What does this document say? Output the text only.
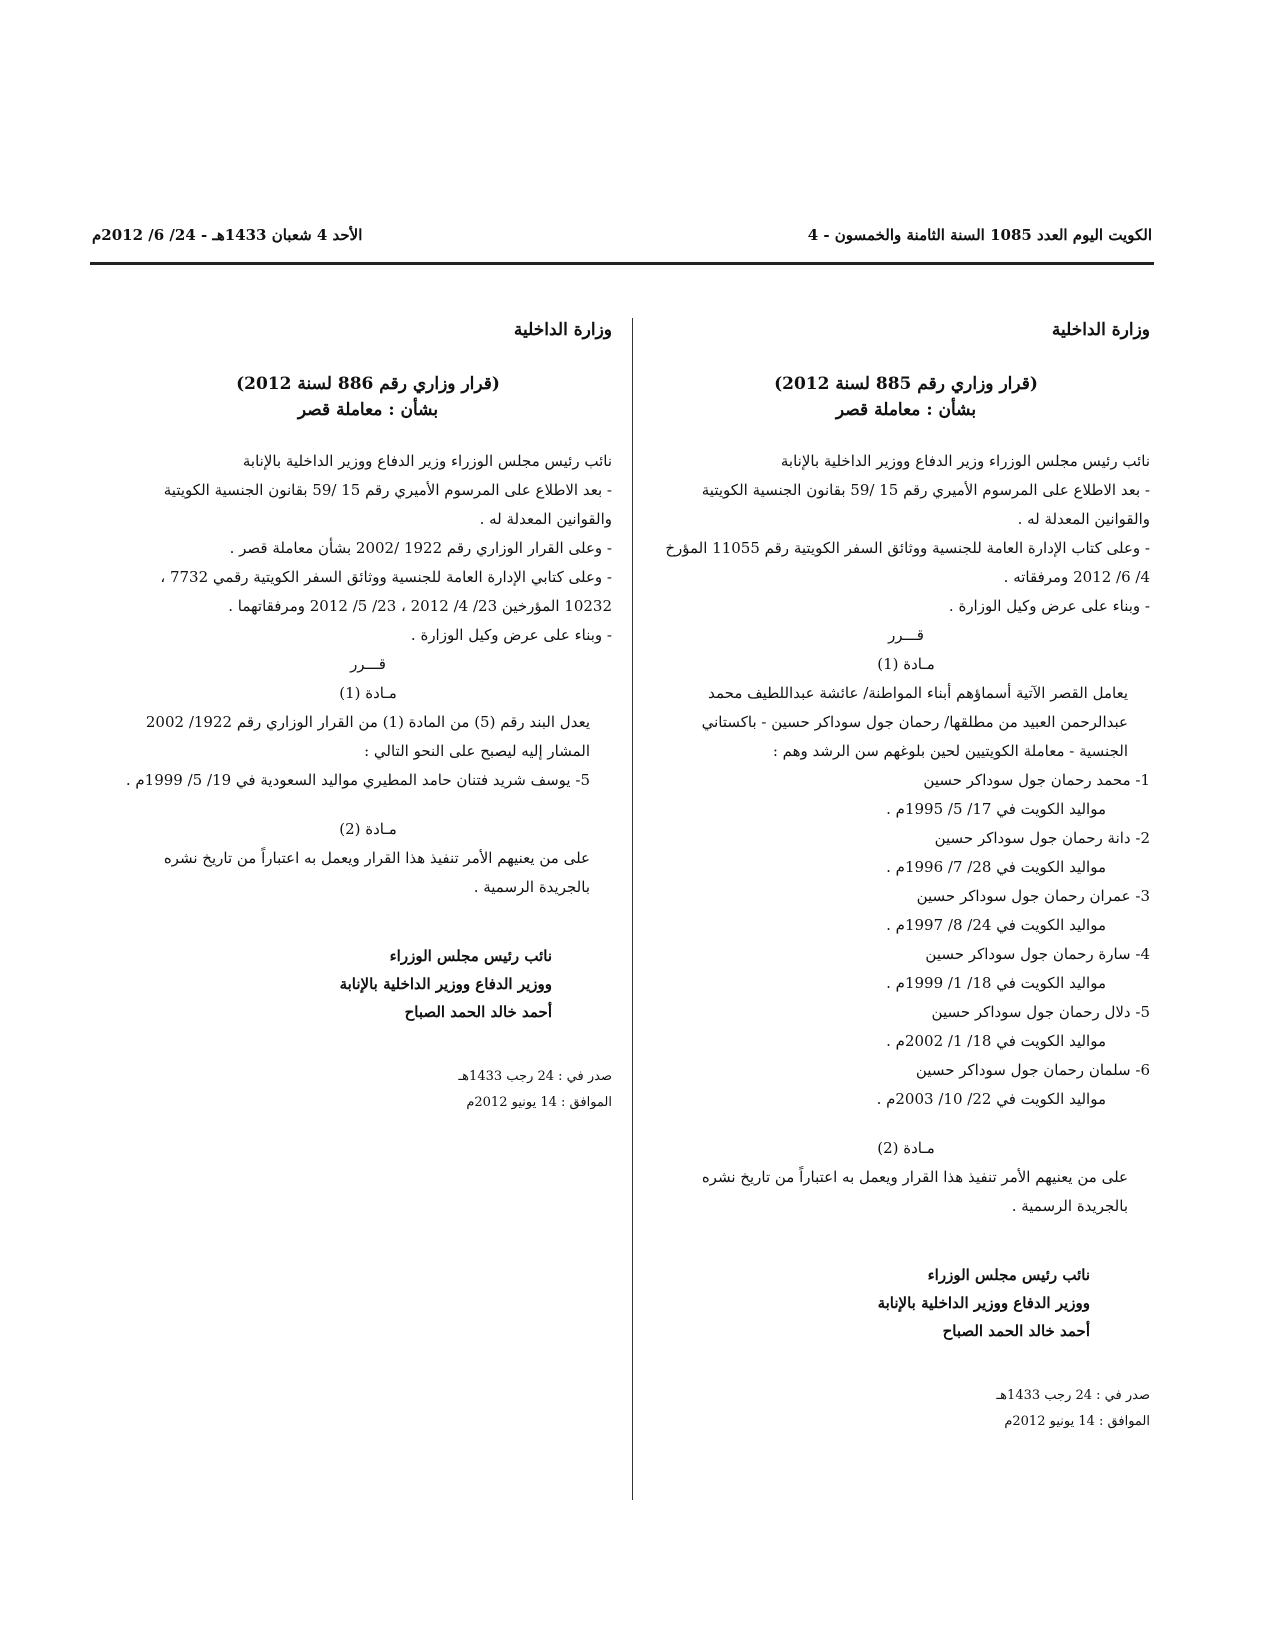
الكويت اليوم العدد 1085 السنة الثامنة والخمسون - 4
الأحد 4 شعبان 1433هـ - 24/ 6/ 2012م
وزارة الداخلية
(قرار وزاري رقم 885 لسنة 2012)
بشأن : معاملة قصر

نائب رئيس مجلس الوزراء وزير الدفاع ووزير الداخلية بالإنابة

- بعد الاطلاع على المرسوم الأميري رقم 15 /59 بقانون الجنسية الكويتية والقوانين المعدلة له .

- وعلى كتاب الإدارة العامة للجنسية ووثائق السفر الكويتية رقم 11055 المؤرخ 4/ 6/ 2012 ومرفقاته .

- وبناء على عرض وكيل الوزارة .

قـــرر

مـادة (1)

يعامل القصر الآتية أسماؤهم أبناء المواطنة/ عائشة عبداللطيف محمد عبدالرحمن العبيد من مطلقها/ رحمان جول سوداكر حسين - باكستاني الجنسية - معاملة الكويتيين لحين بلوغهم سن الرشد وهم :

1- محمد رحمان جول سوداكر حسين
مواليد الكويت في 17/ 5/ 1995م .
2- دانة رحمان جول سوداكر حسين
مواليد الكويت في 28/ 7/ 1996م .
3- عمران رحمان جول سوداكر حسين
مواليد الكويت في 24/ 8/ 1997م .
4- سارة رحمان جول سوداكر حسين
مواليد الكويت في 18/ 1/ 1999م .
5- دلال رحمان جول سوداكر حسين
مواليد الكويت في 18/ 1/ 2002م .
6- سلمان رحمان جول سوداكر حسين
مواليد الكويت في 22/ 10/ 2003م .

مـادة (2)

على من يعنيهم الأمر تنفيذ هذا القرار ويعمل به اعتباراً من تاريخ نشره بالجريدة الرسمية .

نائب رئيس مجلس الوزراء
ووزير الدفاع ووزير الداخلية بالإنابة
أحمد خالد الحمد الصباح
صدر في : 24 رجب 1433هـ
الموافق : 14 يونيو 2012م
وزارة الداخلية
(قرار وزاري رقم 886 لسنة 2012)
بشأن : معاملة قصر

نائب رئيس مجلس الوزراء وزير الدفاع ووزير الداخلية بالإنابة

- بعد الاطلاع على المرسوم الأميري رقم 15 /59 بقانون الجنسية الكويتية والقوانين المعدلة له .

- وعلى القرار الوزاري رقم 1922 /2002 بشأن معاملة قصر .

- وعلى كتابي الإدارة العامة للجنسية ووثائق السفر الكويتية رقمي 7732 ، 10232 المؤرخين 23/ 4/ 2012 ، 23/ 5/ 2012 ومرفقاتهما .

- وبناء على عرض وكيل الوزارة .

قـــرر

مـادة (1)

يعدل البند رقم (5) من المادة (1) من القرار الوزاري رقم 1922/ 2002 المشار إليه ليصبح على النحو التالي :

5- يوسف شريد فتنان حامد المطيري مواليد السعودية في 19/ 5/ 1999م .

مـادة (2)

على من يعنيهم الأمر تنفيذ هذا القرار ويعمل به اعتباراً من تاريخ نشره بالجريدة الرسمية .

نائب رئيس مجلس الوزراء
ووزير الدفاع ووزير الداخلية بالإنابة
أحمد خالد الحمد الصباح
صدر في : 24 رجب 1433هـ
الموافق : 14 يونيو 2012م
